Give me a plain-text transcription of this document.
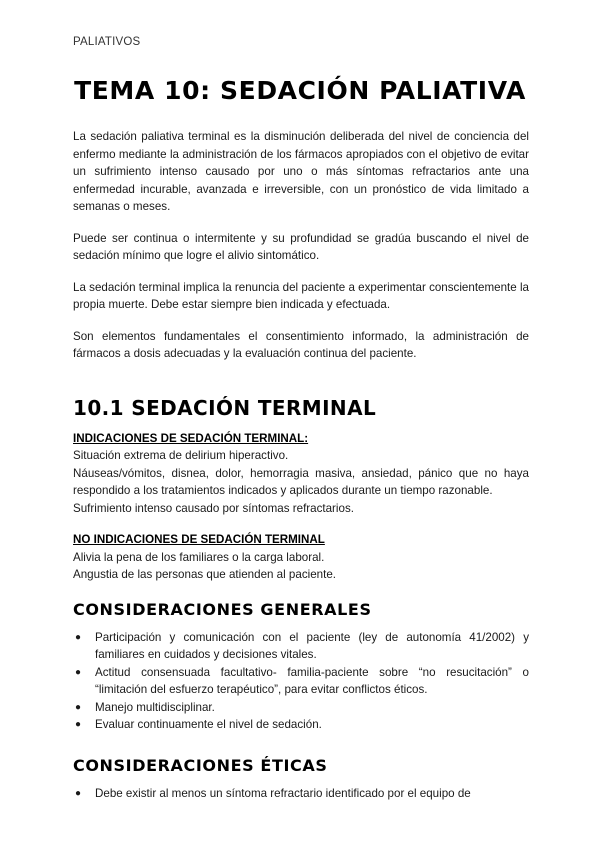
PALIATIVOS
TEMA 10: SEDACIÓN PALIATIVA

La sedación paliativa terminal es la disminución deliberada del nivel de conciencia del enfermo mediante la administración de los fármacos apropiados con el objetivo de evitar un sufrimiento intenso causado por uno o más síntomas refractarios ante una enfermedad incurable, avanzada e irreversible, con un pronóstico de vida limitado a semanas o meses.

Puede ser continua o intermitente y su profundidad se gradúa buscando el nivel de sedación mínimo que logre el alivio sintomático.

La sedación terminal implica la renuncia del paciente a experimentar conscientemente la propia muerte. Debe estar siempre bien indicada y efectuada.

Son elementos fundamentales el consentimiento informado, la administración de fármacos a dosis adecuadas y la evaluación continua del paciente.

10.1 SEDACIÓN TERMINAL
INDICACIONES DE SEDACIÓN TERMINAL:

Situación extrema de delirium hiperactivo.

Náuseas/vómitos, disnea, dolor, hemorragia masiva, ansiedad, pánico que no haya respondido a los tratamientos indicados y aplicados durante un tiempo razonable.

Sufrimiento intenso causado por síntomas refractarios.

NO INDICACIONES DE SEDACIÓN TERMINAL

Alivia la pena de los familiares o la carga laboral.

Angustia de las personas que atienden al paciente.

CONSIDERACIONES GENERALES
● Participación y comunicación con el paciente (ley de autonomía 41/2002) y familiares en cuidados y decisiones vitales.
● Actitud consensuada facultativo- familia-paciente sobre “no resucitación” o “limitación del esfuerzo terapéutico”, para evitar conflictos éticos.
● Manejo multidisciplinar.
● Evaluar continuamente el nivel de sedación.
CONSIDERACIONES ÉTICAS
● Debe existir al menos un síntoma refractario identificado por el equipo de
